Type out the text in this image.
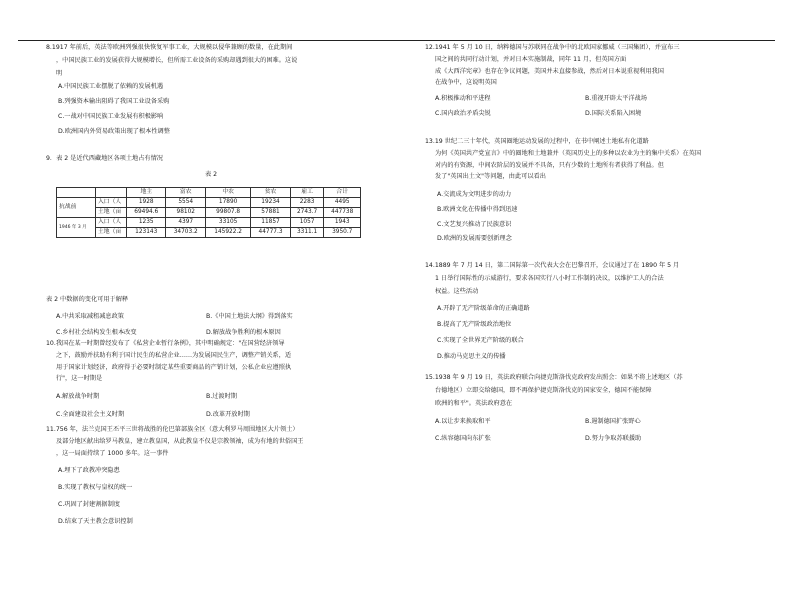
8.1917 年前后，英法等欧洲列强很快恢复军事工业，大规模以侵华兼顾的数量，在此期间

，中国民族工业的发展获得大规模增长，但所需工业设备的采购却遇到很大的困难。这说

明

A.中国民族工业摆脱了依赖的发展机遇

B.列强资本输出阻碍了我国工业设备采购

C.一战对中国民族工业发展有积极影响

D.欧洲国内外贸易政策出现了根本性调整

9．表 2 是近代西藏地区各项土地占有情况

表 2
		地主	富农	中农	贫农	雇工	合计
抗战前	入口（人	1928	5554	17890	19234	2283	4495
	土地（亩	69494.6	98102	99807.8	57881	2743.7	447738
1946 年 3 月	入口（人	1235	4397	33105	11857	1057	1943
	土地（亩	123143	34703.2	145922.2	44777.3	3311.1	3950.7

表 2 中数据的变化可用于解释

A.中共采取减租减息政策	B.《中国土地法大纲》得到落实
C.乡村社会结构发生根本改变	D.解放战争胜利的根本原因

10.我国在某一时期曾经发布了《私营企业暂行条例》，其中明确规定："在国营经济领导

之下，鼓励并扶助有利于国计民生的私营企业……为发展国民生产，调整产销关系，适

用于国家计划经济，政府得于必要时制定某些重要商品的产销计划，公私企业应遵照执

行"，这一时期是

A.解放战争时期	B.过渡时期
C.全面建设社会主义时期	D.改革开放时期

11.756 年，法兰克国王丕平三世将战胜的伦巴第部族全区（意大利罗马周围地区大片领土）

及部分地区献出给罗马教皇，建立教皇国，从此教皇不仅是宗教领袖，成为有地的世俗国王

，这一局面持续了 1000 多年。这一事件

A.埋下了政教冲突隐患

B.实现了教权与皇权的统一

C.巩固了封建割据制度

D.结束了天主教会意识控制

12.1941 年 5 月 10 日，纳粹德国与苏联同在战争中的北欧国家挪威（三国集团），并宣布三

国之间的共同行动计划，并对日本实施制裁，同年 11 月，但英国方面

成《大西洋宪章》也存在争议问题，美国并未直接参战，然后对日本说重视利用我国

在战争中，这说明英国

A.积极推动和平进程	B.重视开辟太平洋战场
C.国内政治矛盾尖锐	D.国际关系陷入困境

13.19 世纪二三十年代，英国圈地运动发展的过程中，在书中阐述土地私有化道路

为何《英国共产党宣言》中的圈地和土地兼并（英国历史上的多种以农业为主的集中关系）在英国

对内的有资源，中间农阶层的发展并不具备，只有少数的土地所有者获得了利益。但

发了"英国出土文"等问题，由此可以看出

A.交流成为文明进步的动力

B.欧洲文化在传播中得到迅速

C.文艺复兴推动了民族意识

D.欧洲的发展需要创新理念

14.1889 年 7 月 14 日，第二国际第一次代表大会在巴黎召开，会议通过了在 1890 年 5 月

1 日举行国际性的示威游行，要求各国实行八小时工作制的决议，以维护工人的合法

权益。这些活动

A.开辟了无产阶级革命的正确道路

B.提高了无产阶级政治地位

C.实现了全世界无产阶级的联合

D.推动马克思主义的传播

15.1938 年 9 月 19 日，英法政府联合向捷克斯洛伐克政府发出照会：如果不将上述地区（苏

台德地区）立即交给德国，即不再保护捷克斯洛伐克的国家安全，德国不能保障

欧洲的和平"。英法政府意在

A.以让步来换取和平	B.遏制德国扩张野心
C.纵容德国向东扩张	D.努力争取苏联援助
